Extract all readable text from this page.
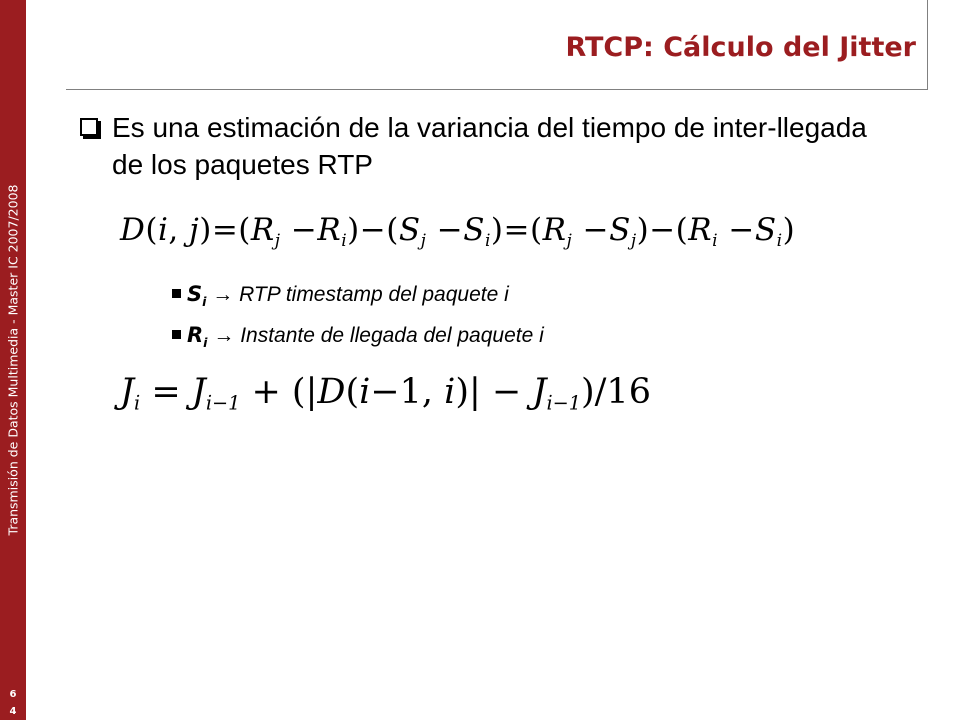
Transmisión de Datos Multimedia - Master IC 2007/2008
6
4
RTCP: Cálculo del Jitter
Es una estimación de la variancia del tiempo de inter-llegada de los paquetes RTP
D(i, $j)=(R_j -R_i)-(S_j -S_i)=(R_j -S_j)-(R_i -S_i)$
$S_i$ → RTP timestamp del paquete i
$R_i$ → Instante de llegada del paquete i
$J_i = J_{i-1} + (|D(i-1$, $i)| - J_{i-1})/16$
